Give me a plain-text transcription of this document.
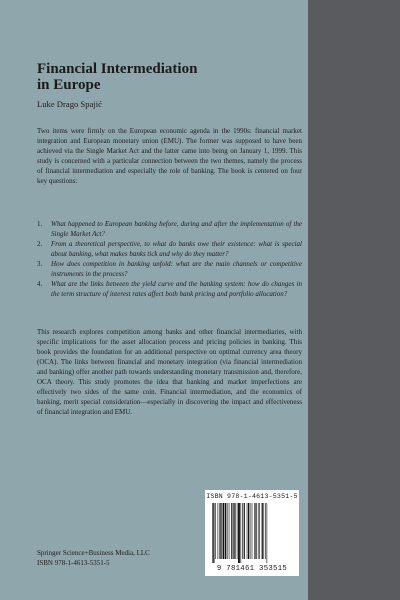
Financial Intermediation
in Europe
Luke Drago Spajić
Two items were firmly on the European economic agenda in the 1990s: financial market integration and European monetary union (EMU). The former was supposed to have been achieved via the Single Market Act and the latter came into being on January 1, 1999. This study is concerned with a particular connection between the two themes, namely the process of financial intermediation and especially the role of banking. The book is centered on four key questions:
1. What happened to European banking before, during and after the implementation of the Single Market Act?
2. From a theoretical perspective, to what do banks owe their existence: what is special about banking, what makes banks tick and why do they matter?
3. How does competition in banking unfold: what are the main channels or competitive instruments in the process?
4. What are the links between the yield curve and the banking system: how do changes in the term structure of interest rates affect both bank pricing and portfolio allocation?
This research explores competition among banks and other financial intermediaries, with specific implications for the asset allocation process and pricing policies in banking. This book provides the foundation for an additional perspective on optimal currency area theory (OCA). The links between financial and monetary integration (via financial intermediation and banking) offer another path towards understanding monetary transmission and, therefore, OCA theory. This study promotes the idea that banking and market imperfections are effectively two sides of the same coin. Financial intermediation, and the economics of banking, merit special consideration—especially in discovering the impact and effectiveness of financial integration and EMU.
Springer Science+Business Media, LLC
ISBN 978-1-4613-5351-5
ISBN 978-1-4613-5351-5
9 781461 353515
